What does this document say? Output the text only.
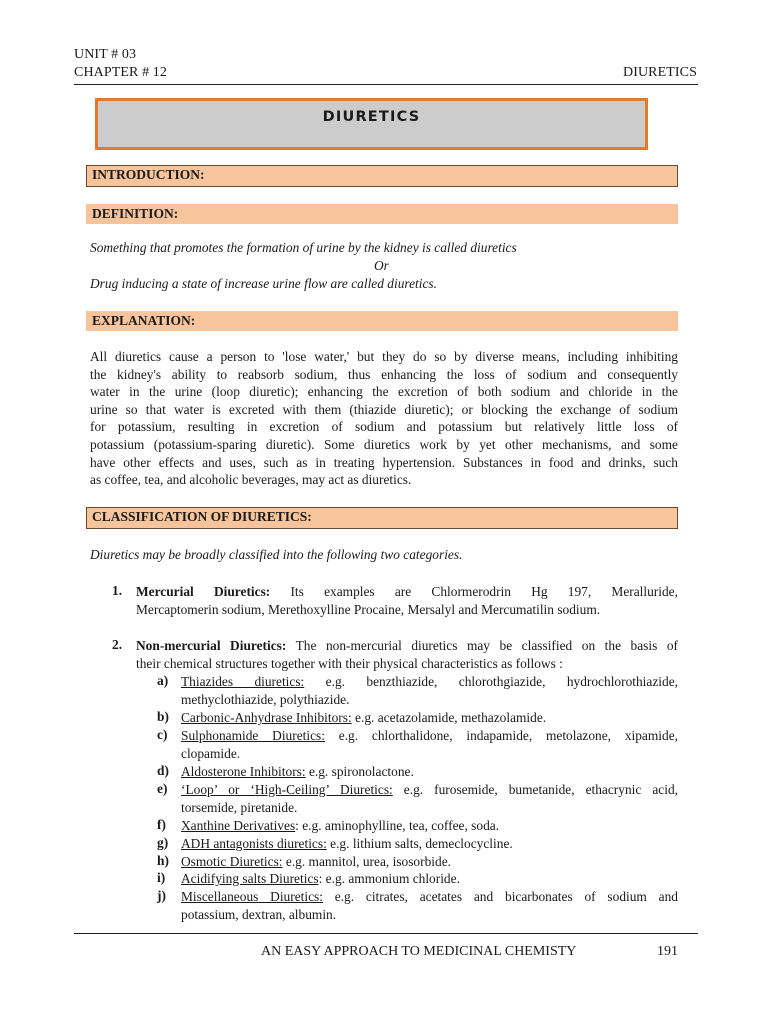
UNIT # 03
CHAPTER # 12	DIURETICS
DIURETICS
INTRODUCTION:
DEFINITION:
Something that promotes the formation of urine by the kidney is called diuretics
Or
Drug inducing a state of increase urine flow are called diuretics.
EXPLANATION:
All diuretics cause a person to 'lose water,' but they do so by diverse means, including inhibiting
the kidney's ability to reabsorb sodium, thus enhancing the loss of sodium and consequently
water in the urine (loop diuretic); enhancing the excretion of both sodium and chloride in the
urine so that water is excreted with them (thiazide diuretic); or blocking the exchange of sodium
for potassium, resulting in excretion of sodium and potassium but relatively little loss of
potassium (potassium-sparing diuretic). Some diuretics work by yet other mechanisms, and some
have other effects and uses, such as in treating hypertension. Substances in food and drinks, such
as coffee, tea, and alcoholic beverages, may act as diuretics.
CLASSIFICATION OF DIURETICS:
Diuretics may be broadly classified into the following two categories.
1. Mercurial Diuretics: Its examples are Chlormerodrin Hg 197, Meralluride,
Mercaptomerin sodium, Merethoxylline Procaine, Mersalyl and Mercumatilin sodium.
2. Non-mercurial Diuretics: The non-mercurial diuretics may be classified on the basis of
their chemical structures together with their physical characteristics as follows :
a) Thiazides diuretics: e.g. benzthiazide, chlorothgiazide, hydrochlorothiazide,
methyclothiazide, polythiazide.
b) Carbonic-Anhydrase Inhibitors: e.g. acetazolamide, methazolamide.
c) Sulphonamide Diuretics: e.g. chlorthalidone, indapamide, metolazone, xipamide,
clopamide.
d) Aldosterone Inhibitors: e.g. spironolactone.
e) ‘Loop’ or ‘High-Ceiling’ Diuretics: e.g. furosemide, bumetanide, ethacrynic acid,
torsemide, piretanide.
f) Xanthine Derivatives: e.g. aminophylline, tea, coffee, soda.
g) ADH antagonists diuretics: e.g. lithium salts, demeclocycline.
h) Osmotic Diuretics: e.g. mannitol, urea, isosorbide.
i) Acidifying salts Diuretics: e.g. ammonium chloride.
j) Miscellaneous Diuretics: e.g. citrates, acetates and bicarbonates of sodium and
potassium, dextran, albumin.
AN EASY APPROACH TO MEDICINAL CHEMISTY	191
